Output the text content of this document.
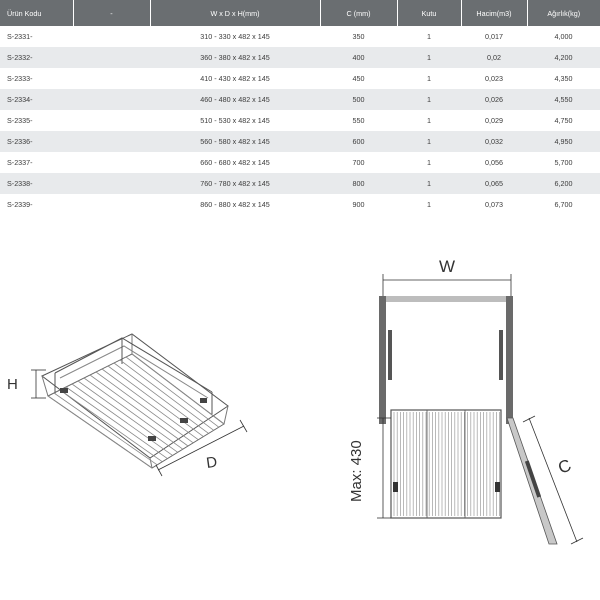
Ürün Kodu	-	W x D x H(mm)	C (mm)	Kutu	Hacim(m3)	Ağırlık(kg)
S-2331-		310 - 330 x 482 x 145	350	1	0,017	4,000
S-2332-		360 - 380 x 482 x 145	400	1	0,02	4,200
S-2333-		410 - 430 x 482 x 145	450	1	0,023	4,350
S-2334-		460 - 480 x 482 x 145	500	1	0,026	4,550
S-2335-		510 - 530 x 482 x 145	550	1	0,029	4,750
S-2336-		560 - 580 x 482 x 145	600	1	0,032	4,950
S-2337-		660 - 680 x 482 x 145	700	1	0,056	5,700
S-2338-		760 - 780 x 482 x 145	800	1	0,065	6,200
S-2339-		860 - 880 x 482 x 145	900	1	0,073	6,700
H
D
W
Max: 430	C
